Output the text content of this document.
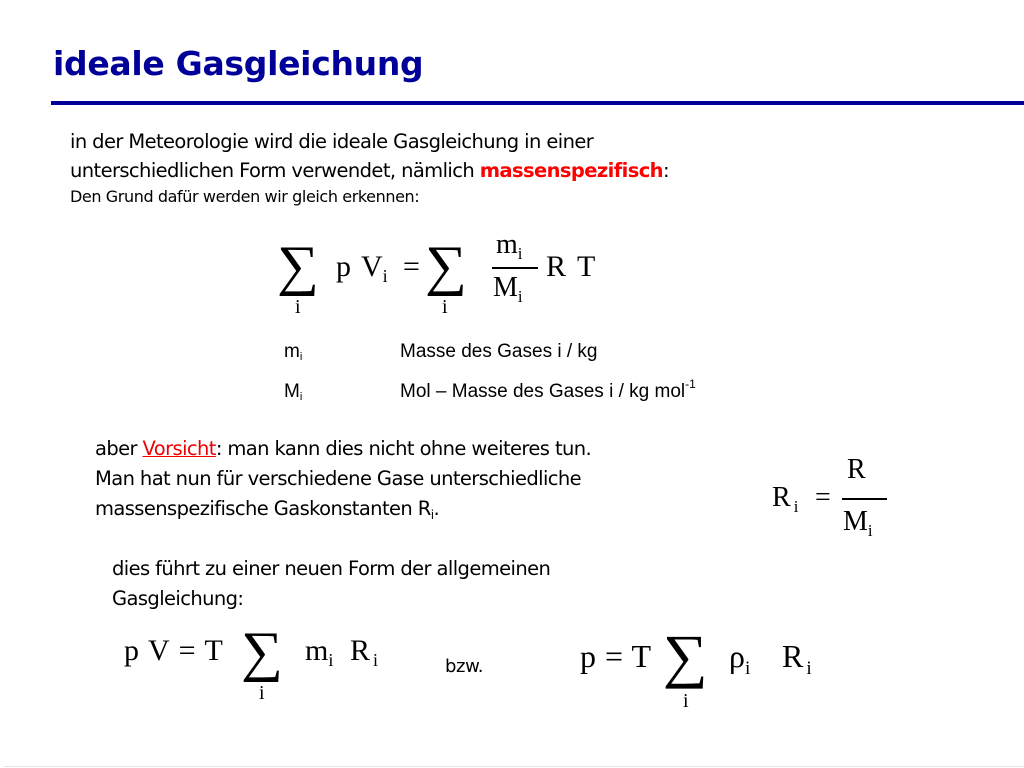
ideale Gasgleichung
in der Meteorologie wird die ideale Gasgleichung in einer
unterschiedlichen Form verwendet, nämlich massenspezifisch:
Den Grund dafür werden wir gleich erkennen:
∑
i
p $V_i$ = ∑
i
$m_i$
$M_i$
R T
mi	Masse des Gases i / kg
Mi	Mol – Masse des Gases i / kg mol$^{-1}$
aber Vorsicht: man kann dies nicht ohne weiteres tun.
Man hat nun für verschiedene Gase unterschiedliche
massenspezifische Gaskonstanten $R_i$.	R $_i$ =
R
$M_i$
dies führt zu einer neuen Form der allgemeinen
Gasgleichung:
p V = T ∑
i
$m_i$ R $_i$	bzw.	p = T ∑
i
$\rho_i$ R $_i$
